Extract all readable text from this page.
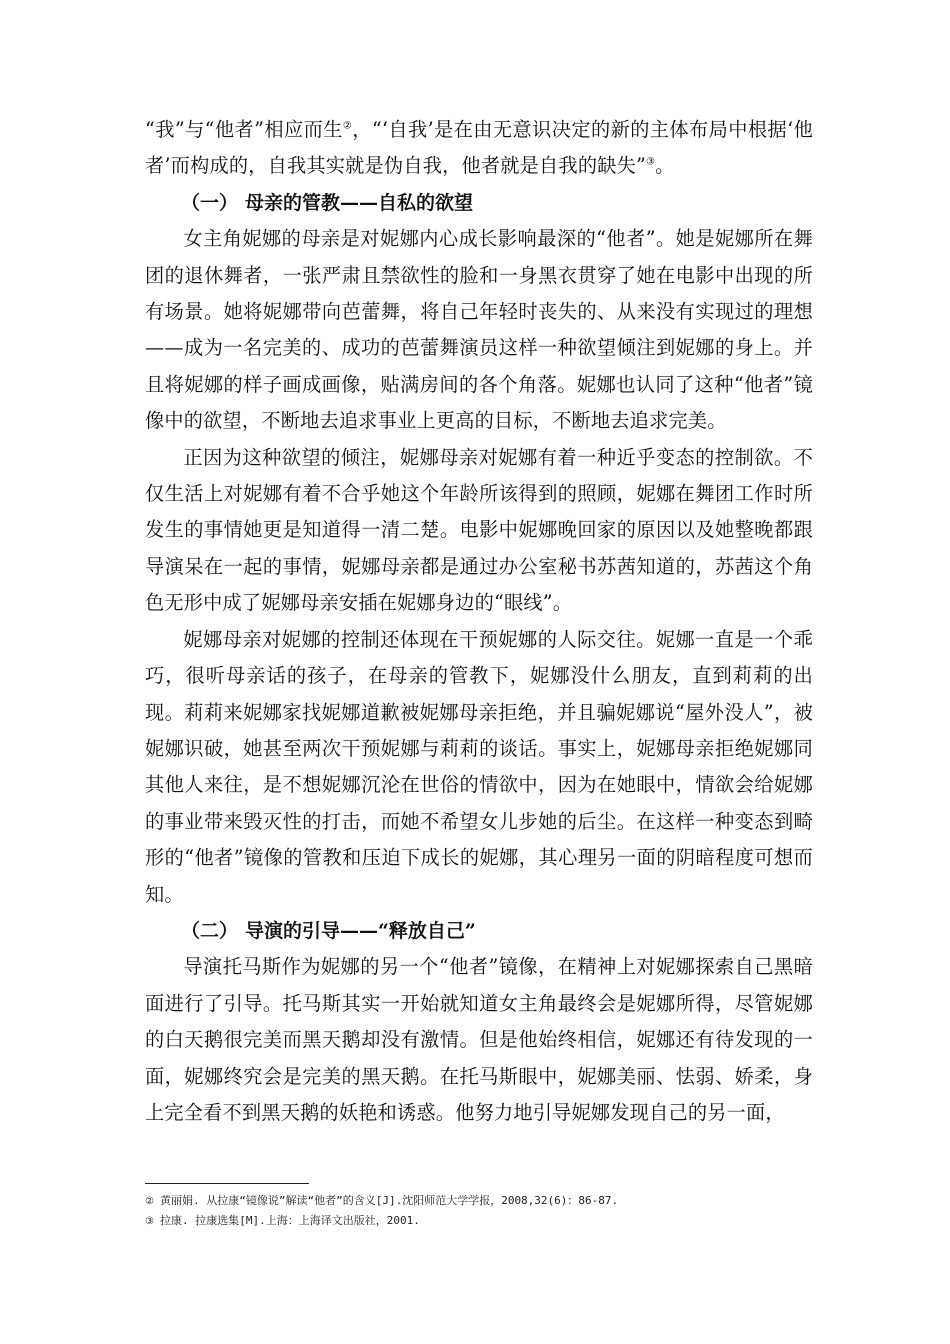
“我”与“他者”相应而生②，“‘自我’是在由无意识决定的新的主体布局中根据‘他者’而构成的，自我其实就是伪自我，他者就是自我的缺失”③。

（一） 母亲的管教——自私的欲望

女主角妮娜的母亲是对妮娜内心成长影响最深的“他者”。她是妮娜所在舞团的退休舞者，一张严肃且禁欲性的脸和一身黑衣贯穿了她在电影中出现的所有场景。她将妮娜带向芭蕾舞，将自己年轻时丧失的、从来没有实现过的理想——成为一名完美的、成功的芭蕾舞演员这样一种欲望倾注到妮娜的身上。并且将妮娜的样子画成画像，贴满房间的各个角落。妮娜也认同了这种“他者”镜像中的欲望，不断地去追求事业上更高的目标，不断地去追求完美。

正因为这种欲望的倾注，妮娜母亲对妮娜有着一种近乎变态的控制欲。不仅生活上对妮娜有着不合乎她这个年龄所该得到的照顾，妮娜在舞团工作时所发生的事情她更是知道得一清二楚。电影中妮娜晚回家的原因以及她整晚都跟导演呆在一起的事情，妮娜母亲都是通过办公室秘书苏茜知道的，苏茜这个角色无形中成了妮娜母亲安插在妮娜身边的“眼线”。

妮娜母亲对妮娜的控制还体现在干预妮娜的人际交往。妮娜一直是一个乖巧，很听母亲话的孩子，在母亲的管教下，妮娜没什么朋友，直到莉莉的出现。莉莉来妮娜家找妮娜道歉被妮娜母亲拒绝，并且骗妮娜说“屋外没人”，被妮娜识破，她甚至两次干预妮娜与莉莉的谈话。事实上，妮娜母亲拒绝妮娜同其他人来往，是不想妮娜沉沦在世俗的情欲中，因为在她眼中，情欲会给妮娜的事业带来毁灭性的打击，而她不希望女儿步她的后尘。在这样一种变态到畸形的“他者”镜像的管教和压迫下成长的妮娜，其心理另一面的阴暗程度可想而知。

（二） 导演的引导——“释放自己”

导演托马斯作为妮娜的另一个“他者”镜像，在精神上对妮娜探索自己黑暗面进行了引导。托马斯其实一开始就知道女主角最终会是妮娜所得，尽管妮娜的白天鹅很完美而黑天鹅却没有激情。但是他始终相信，妮娜还有待发现的一面，妮娜终究会是完美的黑天鹅。在托马斯眼中，妮娜美丽、怯弱、娇柔，身上完全看不到黑天鹅的妖艳和诱惑。他努力地引导妮娜发现自己的另一面，

② 黄丽娟. 从拉康“镜像说”解读“他者”的含义[J].沈阳师范大学学报，2008,32(6)：86-87.

③ 拉康. 拉康选集[M].上海：上海译文出版社，2001.
